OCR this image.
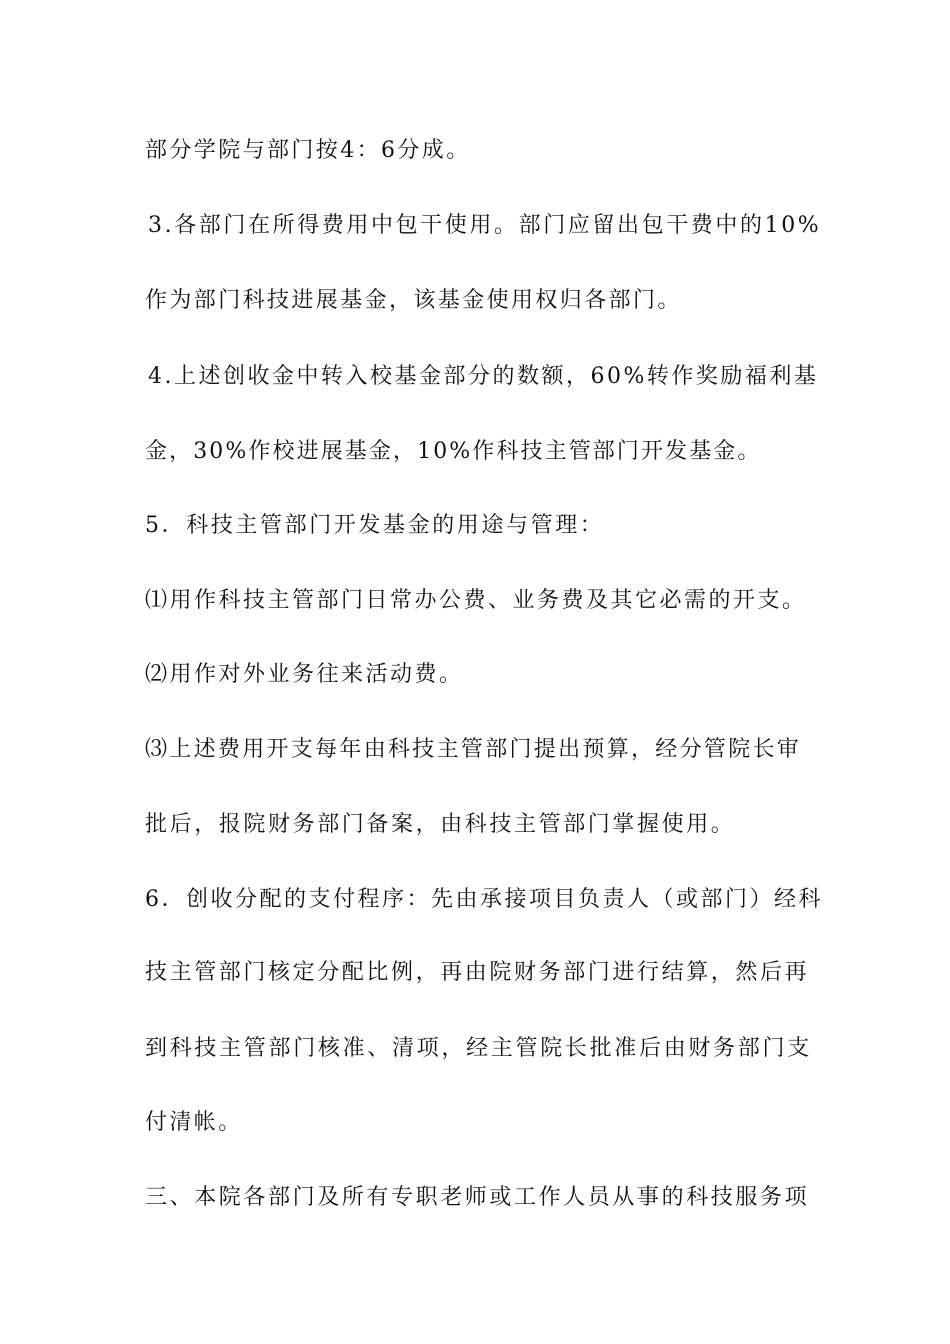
部分学院与部门按4：6分成。
3.各部门在所得费用中包干使用。部门应留出包干费中的10%
作为部门科技进展基金，该基金使用权归各部门。
4.上述创收金中转入校基金部分的数额，60%转作奖励福利基
金，30%作校进展基金，10%作科技主管部门开发基金。
5．科技主管部门开发基金的用途与管理：
⑴用作科技主管部门日常办公费、业务费及其它必需的开支。
⑵用作对外业务往来活动费。
⑶上述费用开支每年由科技主管部门提出预算，经分管院长审
批后，报院财务部门备案，由科技主管部门掌握使用。
6．创收分配的支付程序：先由承接项目负责人（或部门）经科
技主管部门核定分配比例，再由院财务部门进行结算，然后再
到科技主管部门核准、清项，经主管院长批准后由财务部门支
付清帐。
三、本院各部门及所有专职老师或工作人员从事的科技服务项
